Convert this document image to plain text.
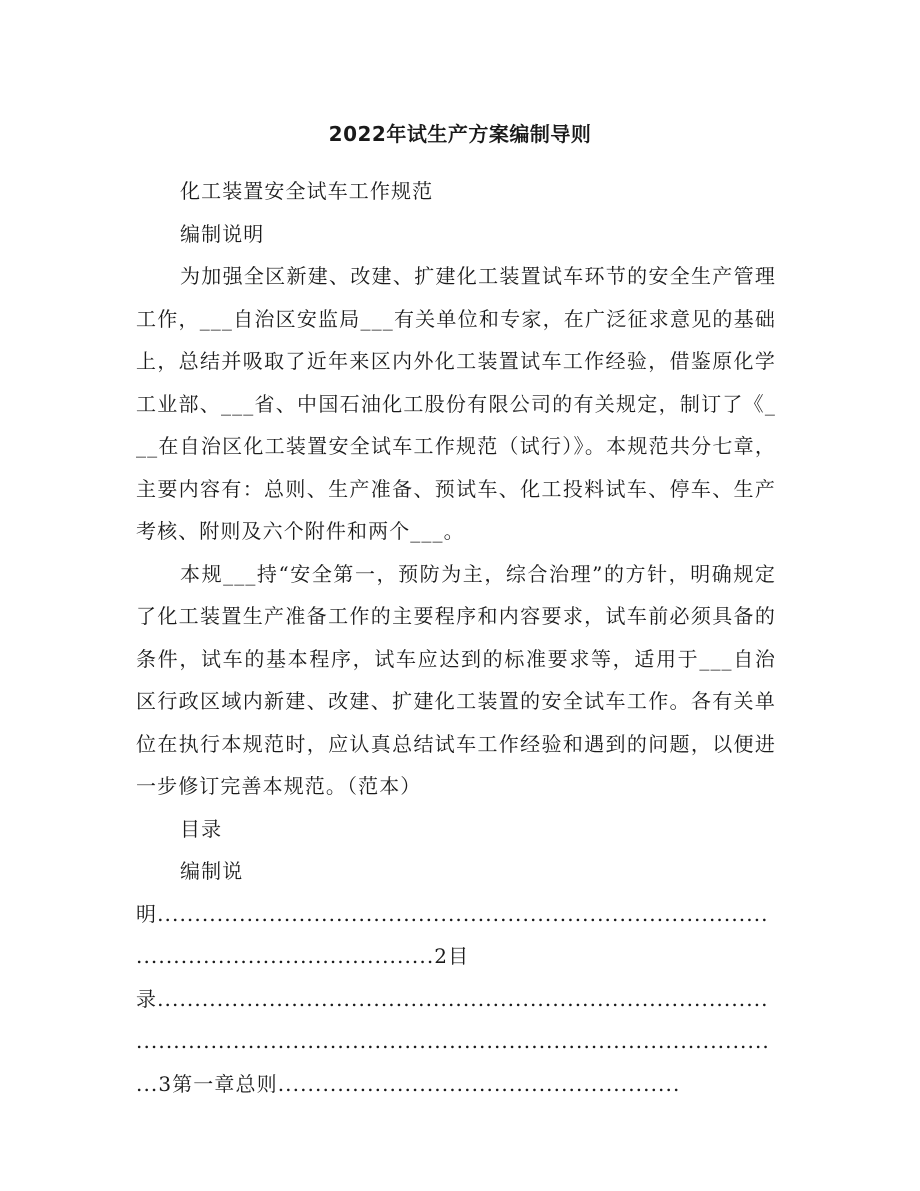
2022年试生产方案编制导则

化工装置安全试车工作规范

编制说明

为加强全区新建、改建、扩建化工装置试车环节的安全生产管理工作，___自治区安监局___有关单位和专家，在广泛征求意见的基础上，总结并吸取了近年来区内外化工装置试车工作经验，借鉴原化学工业部、___省、中国石油化工股份有限公司的有关规定，制订了《___在自治区化工装置安全试车工作规范（试行）》。本规范共分七章，主要内容有：总则、生产准备、预试车、化工投料试车、停车、生产考核、附则及六个附件和两个___。

本规___持“安全第一，预防为主，综合治理”的方针，明确规定了化工装置生产准备工作的主要程序和内容要求，试车前必须具备的条件，试车的基本程序，试车应达到的标准要求等，适用于___自治区行政区域内新建、改建、扩建化工装置的安全试车工作。各有关单位在执行本规范时，应认真总结试车工作经验和遇到的问题，以便进一步修订完善本规范。（范本）

目录

编制说明..........................................................................................................................2目录..........................................................................................................................................................................3第一章总则......................................................
